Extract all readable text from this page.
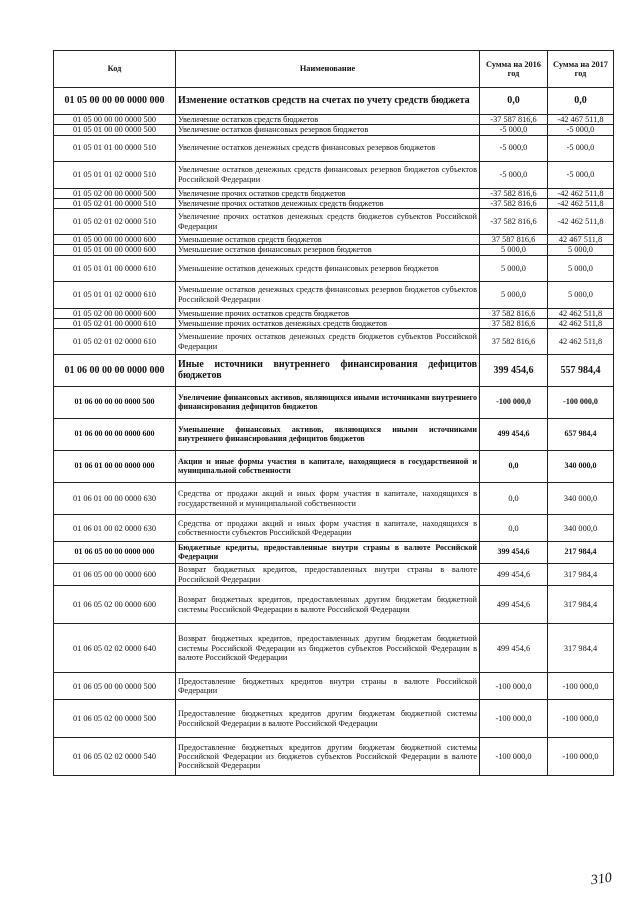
Код	Наименование	Сумма на 2016 год	Сумма на 2017 год
01 05 00 00 00 0000 000	Изменение остатков средств на счетах по учету средств бюджета	0,0	0,0
01 05 00 00 00 0000 500	Увеличение остатков средств бюджетов	-37 587 816,6	-42 467 511,8
01 05 01 00 00 0000 500	Увеличение остатков финансовых резервов бюджетов	-5 000,0	-5 000,0
01 05 01 01 00 0000 510	Увеличение остатков денежных средств финансовых резервов бюджетов	-5 000,0	-5 000,0
01 05 01 01 02 0000 510	Увеличение остатков денежных средств финансовых резервов бюджетов субъектов Российской Федерации	-5 000,0	-5 000,0
01 05 02 00 00 0000 500	Увеличение прочих остатков средств бюджетов	-37 582 816,6	-42 462 511,8
01 05 02 01 00 0000 510	Увеличение прочих остатков денежных средств бюджетов	-37 582 816,6	-42 462 511,8
01 05 02 01 02 0000 510	Увеличение прочих остатков денежных средств бюджетов субъектов Российской Федерации	-37 582 816,6	-42 462 511,8
01 05 00 00 00 0000 600	Уменьшение остатков средств бюджетов	37 587 816,6	42 467 511,8
01 05 01 00 00 0000 600	Уменьшение остатков финансовых резервов бюджетов	5 000,0	5 000,0
01 05 01 01 00 0000 610	Уменьшение остатков денежных средств финансовых резервов бюджетов	5 000,0	5 000,0
01 05 01 01 02 0000 610	Уменьшение остатков денежных средств финансовых резервов бюджетов субъектов Российской Федерации	5 000,0	5 000,0
01 05 02 00 00 0000 600	Уменьшение прочих остатков средств бюджетов	37 582 816,6	42 462 511,8
01 05 02 01 00 0000 610	Уменьшение прочих остатков денежных средств бюджетов	37 582 816,6	42 462 511,8
01 05 02 01 02 0000 610	Уменьшение прочих остатков денежных средств бюджетов субъектов Российской Федерации	37 582 816,6	42 462 511,8
01 06 00 00 00 0000 000	Иные источники внутреннего финансирования дефицитов бюджетов	399 454,6	557 984,4
01 06 00 00 00 0000 500	Увеличение финансовых активов, являющихся иными источниками внутреннего финансирования дефицитов бюджетов	-100 000,0	-100 000,0
01 06 00 00 00 0000 600	Уменьшение финансовых активов, являющихся иными источниками внутреннего финансирования дефицитов бюджетов	499 454,6	657 984,4
01 06 01 00 00 0000 000	Акции и иные формы участия в капитале, находящиеся в государственной и муниципальной собственности	0,0	340 000,0
01 06 01 00 00 0000 630	Средства от продажи акций и иных форм участия в капитале, находящихся в государственной и муниципальной собственности	0,0	340 000,0
01 06 01 00 02 0000 630	Средства от продажи акций и иных форм участия в капитале, находящихся в собственности субъектов Российской Федерации	0,0	340 000,0
01 06 05 00 00 0000 000	Бюджетные кредиты, предоставленные внутри страны в валюте Российской Федерации	399 454,6	217 984,4
01 06 05 00 00 0000 600	Возврат бюджетных кредитов, предоставленных внутри страны в валюте Российской Федерации	499 454,6	317 984,4
01 06 05 02 00 0000 600	Возврат бюджетных кредитов, предоставленных другим бюджетам бюджетной системы Российской Федерации в валюте Российской Федерации	499 454,6	317 984,4
01 06 05 02 02 0000 640	Возврат бюджетных кредитов, предоставленных другим бюджетам бюджетной системы Российской Федерации из бюджетов субъектов Российской Федерации в валюте Российской Федерации	499 454,6	317 984,4
01 06 05 00 00 0000 500	Предоставление бюджетных кредитов внутри страны в валюте Российской Федерации	-100 000,0	-100 000,0
01 06 05 02 00 0000 500	Предоставление бюджетных кредитов другим бюджетам бюджетной системы Российской Федерации в валюте Российской Федерации	-100 000,0	-100 000,0
01 06 05 02 02 0000 540	Предоставление бюджетных кредитов другим бюджетам бюджетной системы Российской Федерации из бюджетов субъектов Российской Федерации в валюте Российской Федерации	-100 000,0	-100 000,0
310
